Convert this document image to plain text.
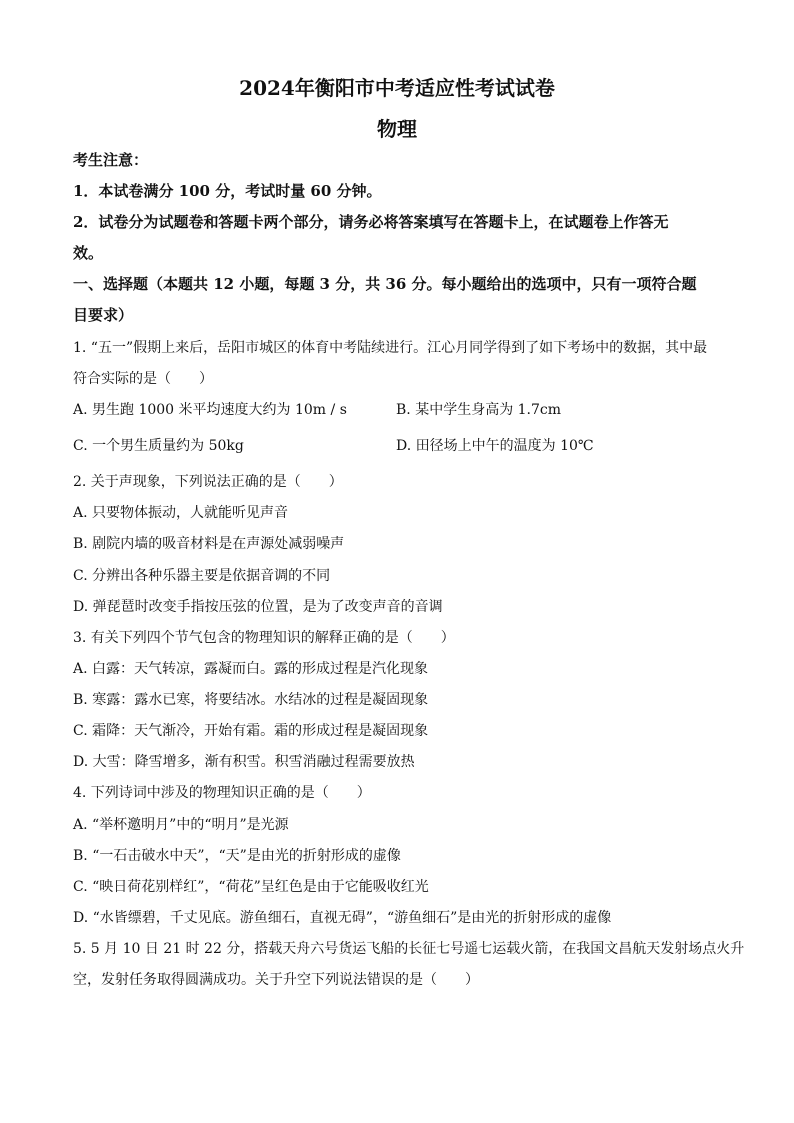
2024年衡阳市中考适应性考试试卷
物理
考生注意：
1．本试卷满分 100 分，考试时量 60 分钟。
2．试卷分为试题卷和答题卡两个部分，请务必将答案填写在答题卡上，在试题卷上作答无
效。
一、选择题（本题共 12 小题，每题 3 分，共 36 分。每小题给出的选项中，只有一项符合题
目要求）
1. “五一”假期上来后，岳阳市城区的体育中考陆续进行。江心月同学得到了如下考场中的数据，其中最
符合实际的是（　　）
A. 男生跑 1000 米平均速度大约为 10m / s	B. 某中学生身高为 1.7cm
C. 一个男生质量约为 50kg	D. 田径场上中午的温度为 10℃
2. 关于声现象，下列说法正确的是（　　）
A. 只要物体振动，人就能听见声音
B. 剧院内墙的吸音材料是在声源处减弱噪声
C. 分辨出各种乐器主要是依据音调的不同
D. 弹琵琶时改变手指按压弦的位置，是为了改变声音的音调
3. 有关下列四个节气包含的物理知识的解释正确的是（　　）
A. 白露：天气转凉，露凝而白。露的形成过程是汽化现象
B. 寒露：露水已寒，将要结冰。水结冰的过程是凝固现象
C. 霜降：天气渐冷，开始有霜。霜的形成过程是凝固现象
D. 大雪：降雪增多，渐有积雪。积雪消融过程需要放热
4. 下列诗词中涉及的物理知识正确的是（　　）
A. “举杯邀明月”中的“明月”是光源
B. “一石击破水中天”，“天”是由光的折射形成的虚像
C. “映日荷花别样红”，“荷花”呈红色是由于它能吸收红光
D. “水皆缥碧，千丈见底。游鱼细石，直视无碍”，“游鱼细石”是由光的折射形成的虚像
5. 5 月 10 日 21 时 22 分，搭载天舟六号货运飞船的长征七号遥七运载火箭，在我国文昌航天发射场点火升
空，发射任务取得圆满成功。关于升空下列说法错误的是（　　）
